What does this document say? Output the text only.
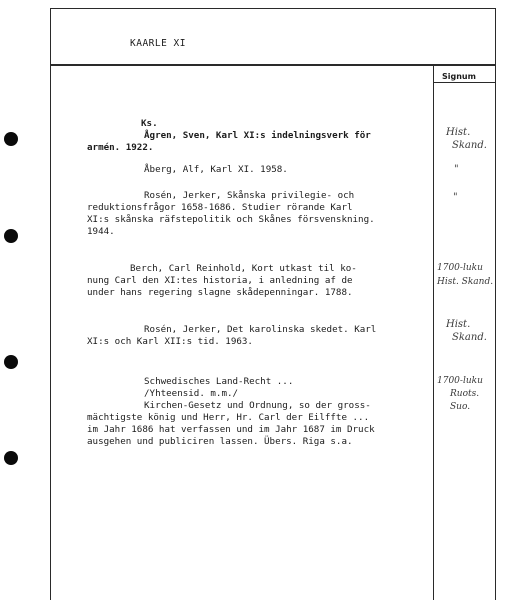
KAARLE XI
Signum
Ks.
Ågren, Sven, Karl XI:s indelningsverk för
armén. 1922.
Hist.
Skand.
Åberg, Alf, Karl XI. 1958.	"
Rosén, Jerker, Skånska privilegie- och
reduktionsfrågor 1658-1686. Studier rörande Karl
XI:s skånska räfstepolitik och Skånes försvenskning.
1944.
"
Berch, Carl Reinhold, Kort utkast til ko-
nung Carl den XI:tes historia, i anledning af de
under hans regering slagne skådepenningar. 1788.
1700-luku
Hist. Skand.
Rosén, Jerker, Det karolinska skedet. Karl
XI:s och Karl XII:s tid. 1963.
Hist.
Skand.
Schwedisches Land-Recht ...
/Yhteensid. m.m./
Kirchen-Gesetz und Ordnung, so der gross-
mächtigste könig und Herr, Hr. Carl der Eilffte ...
im Jahr 1686 hat verfassen und im Jahr 1687 im Druck
ausgehen und publiciren lassen. Übers. Riga s.a.
1700-luku
Ruots.
Suo.
